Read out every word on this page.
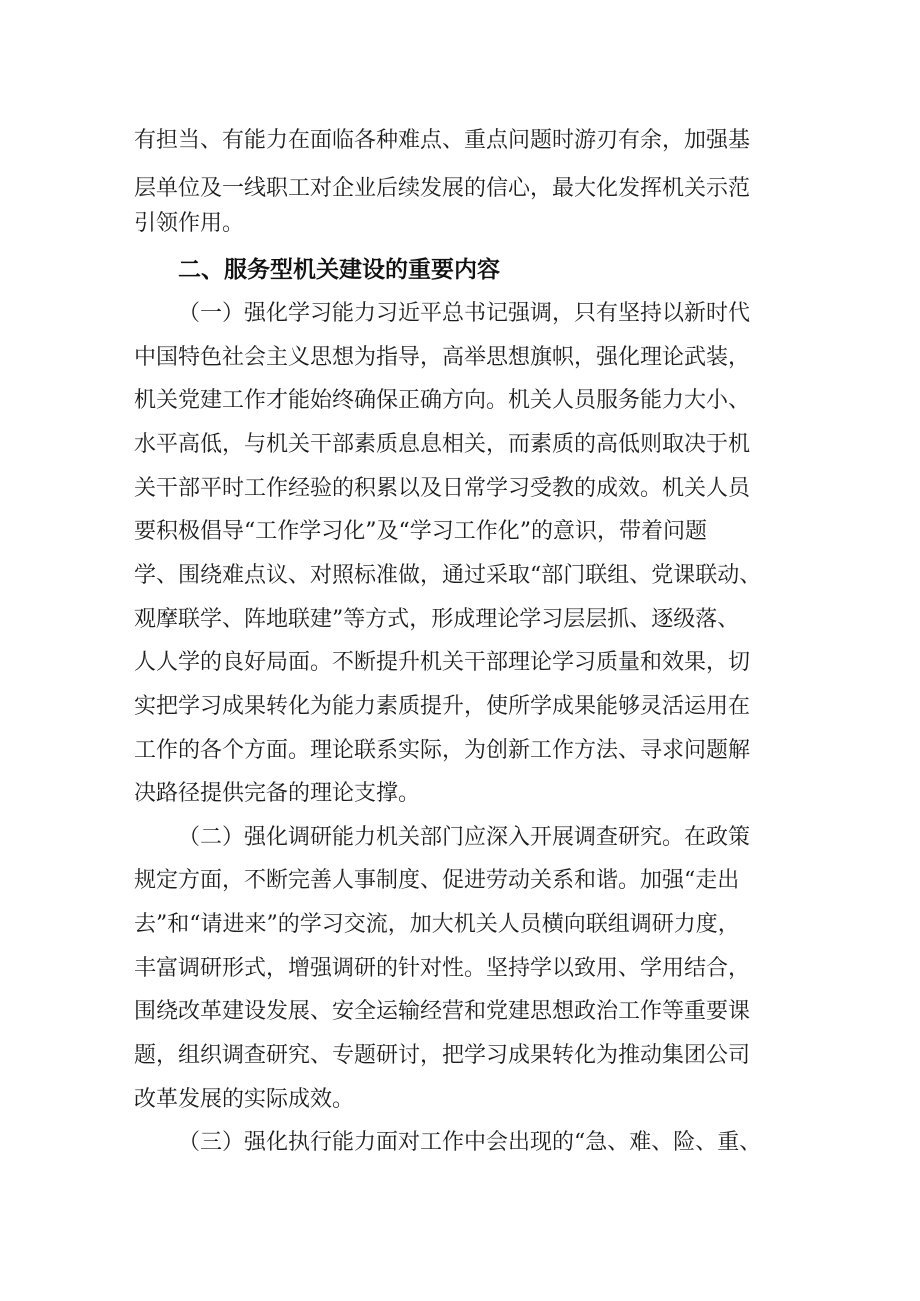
有担当、有能力在面临各种难点、重点问题时游刃有余，加强基

层单位及一线职工对企业后续发展的信心，最大化发挥机关示范

引领作用。

二、服务型机关建设的重要内容

（一）强化学习能力习近平总书记强调，只有坚持以新时代

中国特色社会主义思想为指导，高举思想旗帜，强化理论武装，

机关党建工作才能始终确保正确方向。机关人员服务能力大小、

水平高低，与机关干部素质息息相关，而素质的高低则取决于机

关干部平时工作经验的积累以及日常学习受教的成效。机关人员

要积极倡导“工作学习化”及“学习工作化”的意识，带着问题

学、围绕难点议、对照标准做，通过采取“部门联组、党课联动、

观摩联学、阵地联建”等方式，形成理论学习层层抓、逐级落、

人人学的良好局面。不断提升机关干部理论学习质量和效果，切

实把学习成果转化为能力素质提升，使所学成果能够灵活运用在

工作的各个方面。理论联系实际，为创新工作方法、寻求问题解

决路径提供完备的理论支撑。

（二）强化调研能力机关部门应深入开展调查研究。在政策

规定方面，不断完善人事制度、促进劳动关系和谐。加强“走出

去”和“请进来”的学习交流，加大机关人员横向联组调研力度，

丰富调研形式，增强调研的针对性。坚持学以致用、学用结合，

围绕改革建设发展、安全运输经营和党建思想政治工作等重要课

题，组织调查研究、专题研讨，把学习成果转化为推动集团公司

改革发展的实际成效。

（三）强化执行能力面对工作中会出现的“急、难、险、重、
